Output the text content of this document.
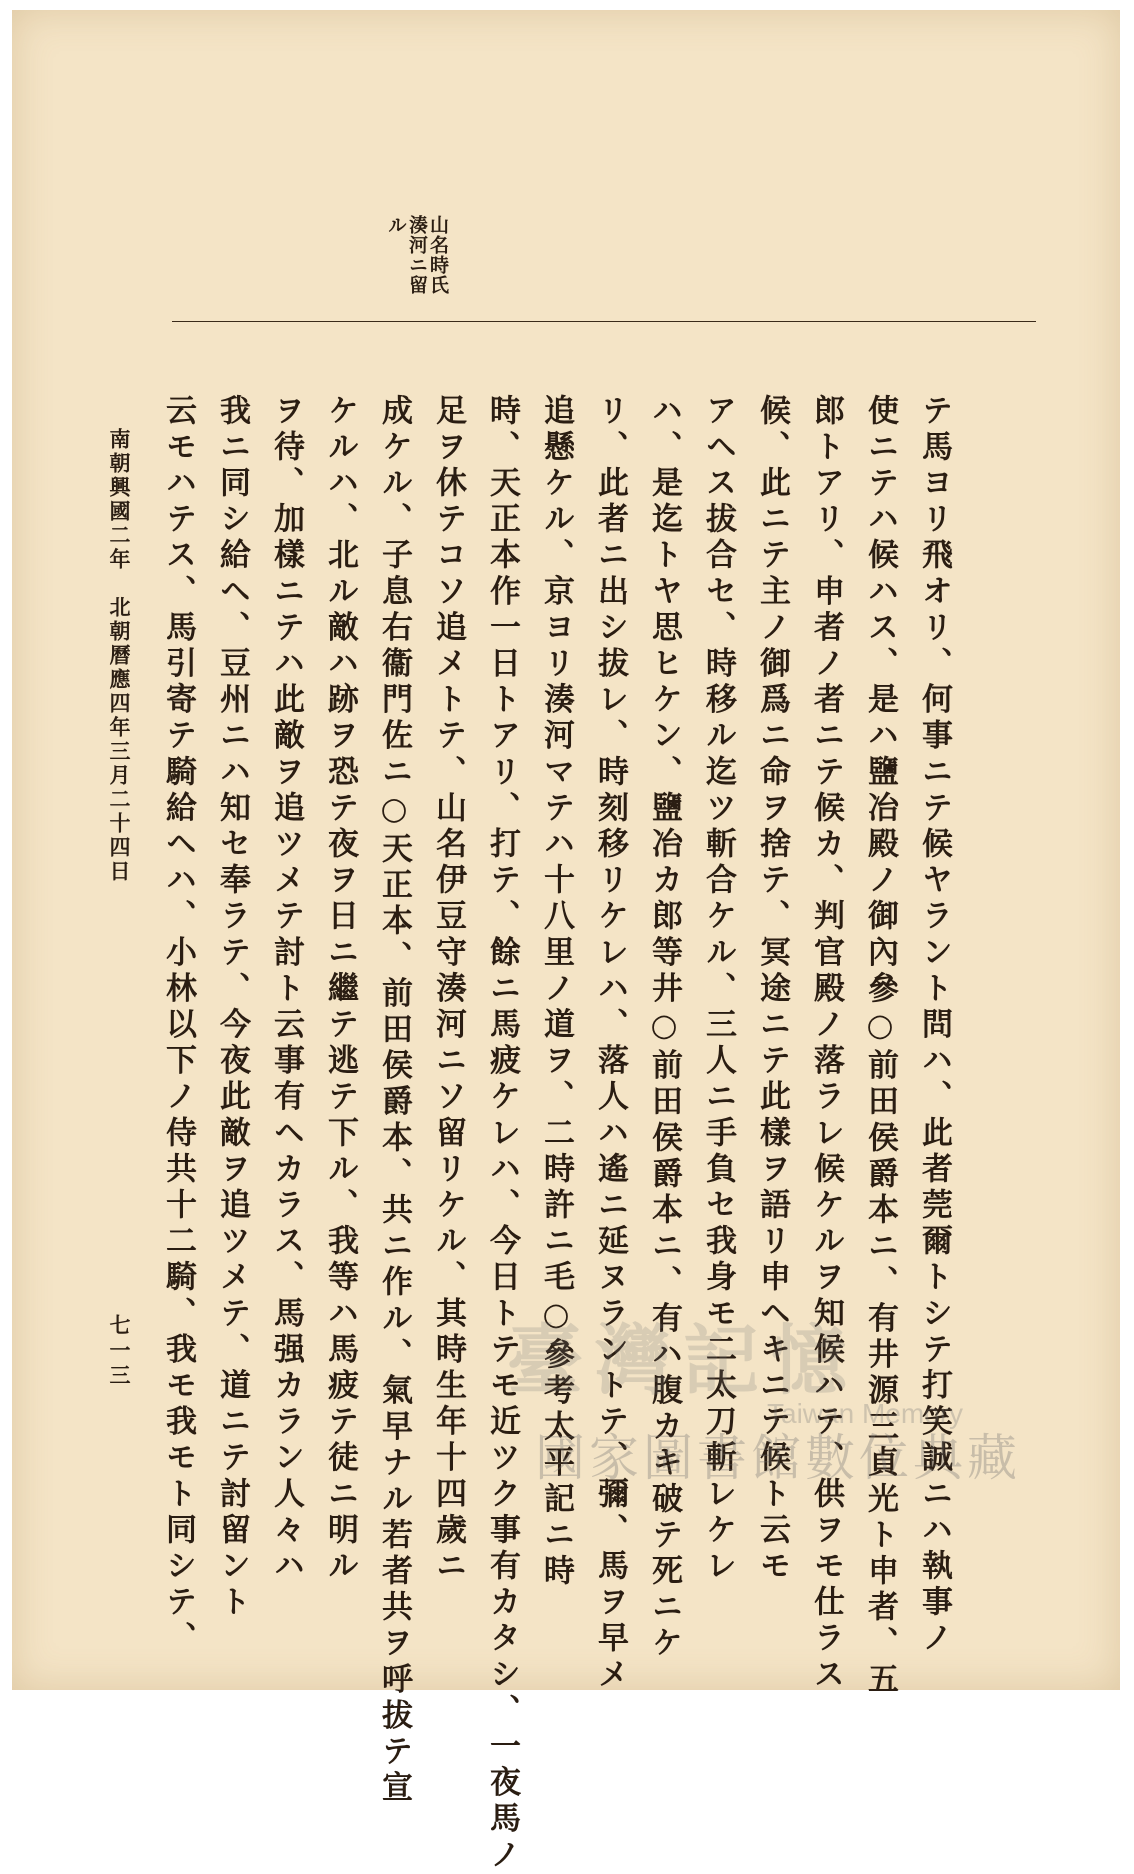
山名時氏
湊河ニ留
ル
テ馬ヨリ飛オリ、何事ニテ候ヤラント問ハ、此者莞爾トシテ打笑誠ニハ執事ノ
使ニテハ候ハス、是ハ鹽冶殿ノ御內參○前田侯爵本ニ、有井源三貞光ト申者、五
郎トアリ、申者ノ者ニテ候カ、判官殿ノ落ラレ候ケルヲ知候ハテ、供ヲモ仕ラス
候、此ニテ主ノ御爲ニ命ヲ捨テ、冥途ニテ此樣ヲ語リ申ヘキニテ候ト云モ
アヘス拔合セ、時移ル迄ツ斬合ケル、三人ニ手負セ我身モ二太刀斬レケレ
ハ、是迄トヤ思ヒケン、鹽冶カ郎等井○前田侯爵本ニ、有ハ腹カキ破テ死ニケ
リ、此者ニ出シ拔レ、時刻移リケレハ、落人ハ遙ニ延ヌラントテ、彌、馬ヲ早メ
追懸ケル、京ヨリ湊河マテハ十八里ノ道ヲ、二時許ニ毛○參考太平記ニ時
時、天正本作一日トアリ、打テ、餘ニ馬疲ケレハ、今日トテモ近ツク事有カタシ、一夜馬ノ
足ヲ休テコソ追メトテ、山名伊豆守湊河ニソ留リケル、其時生年十四歲ニ
成ケル、子息右衞門佐ニ○天正本、前田侯爵本、共ニ作ル、氣早ナル若者共ヲ呼拔テ宣
ケルハ、北ル敵ハ跡ヲ恐テ夜ヲ日ニ繼テ逃テ下ル、我等ハ馬疲テ徒ニ明ル
ヲ待、加樣ニテハ此敵ヲ追ツメテ討ト云事有ヘカラス、馬强カラン人々ハ
我ニ同シ給ヘ、豆州ニハ知セ奉ラテ、今夜此敵ヲ追ツメテ、道ニテ討留ント
云モハテス、馬引寄テ騎給ヘハ、小林以下ノ侍共十二騎、我モ我モト同シテ、
南朝興國二年　北朝曆應四年三月二十四日
七一三	臺灣記憶
Taiwan Memory
國家圖書館數位典藏
